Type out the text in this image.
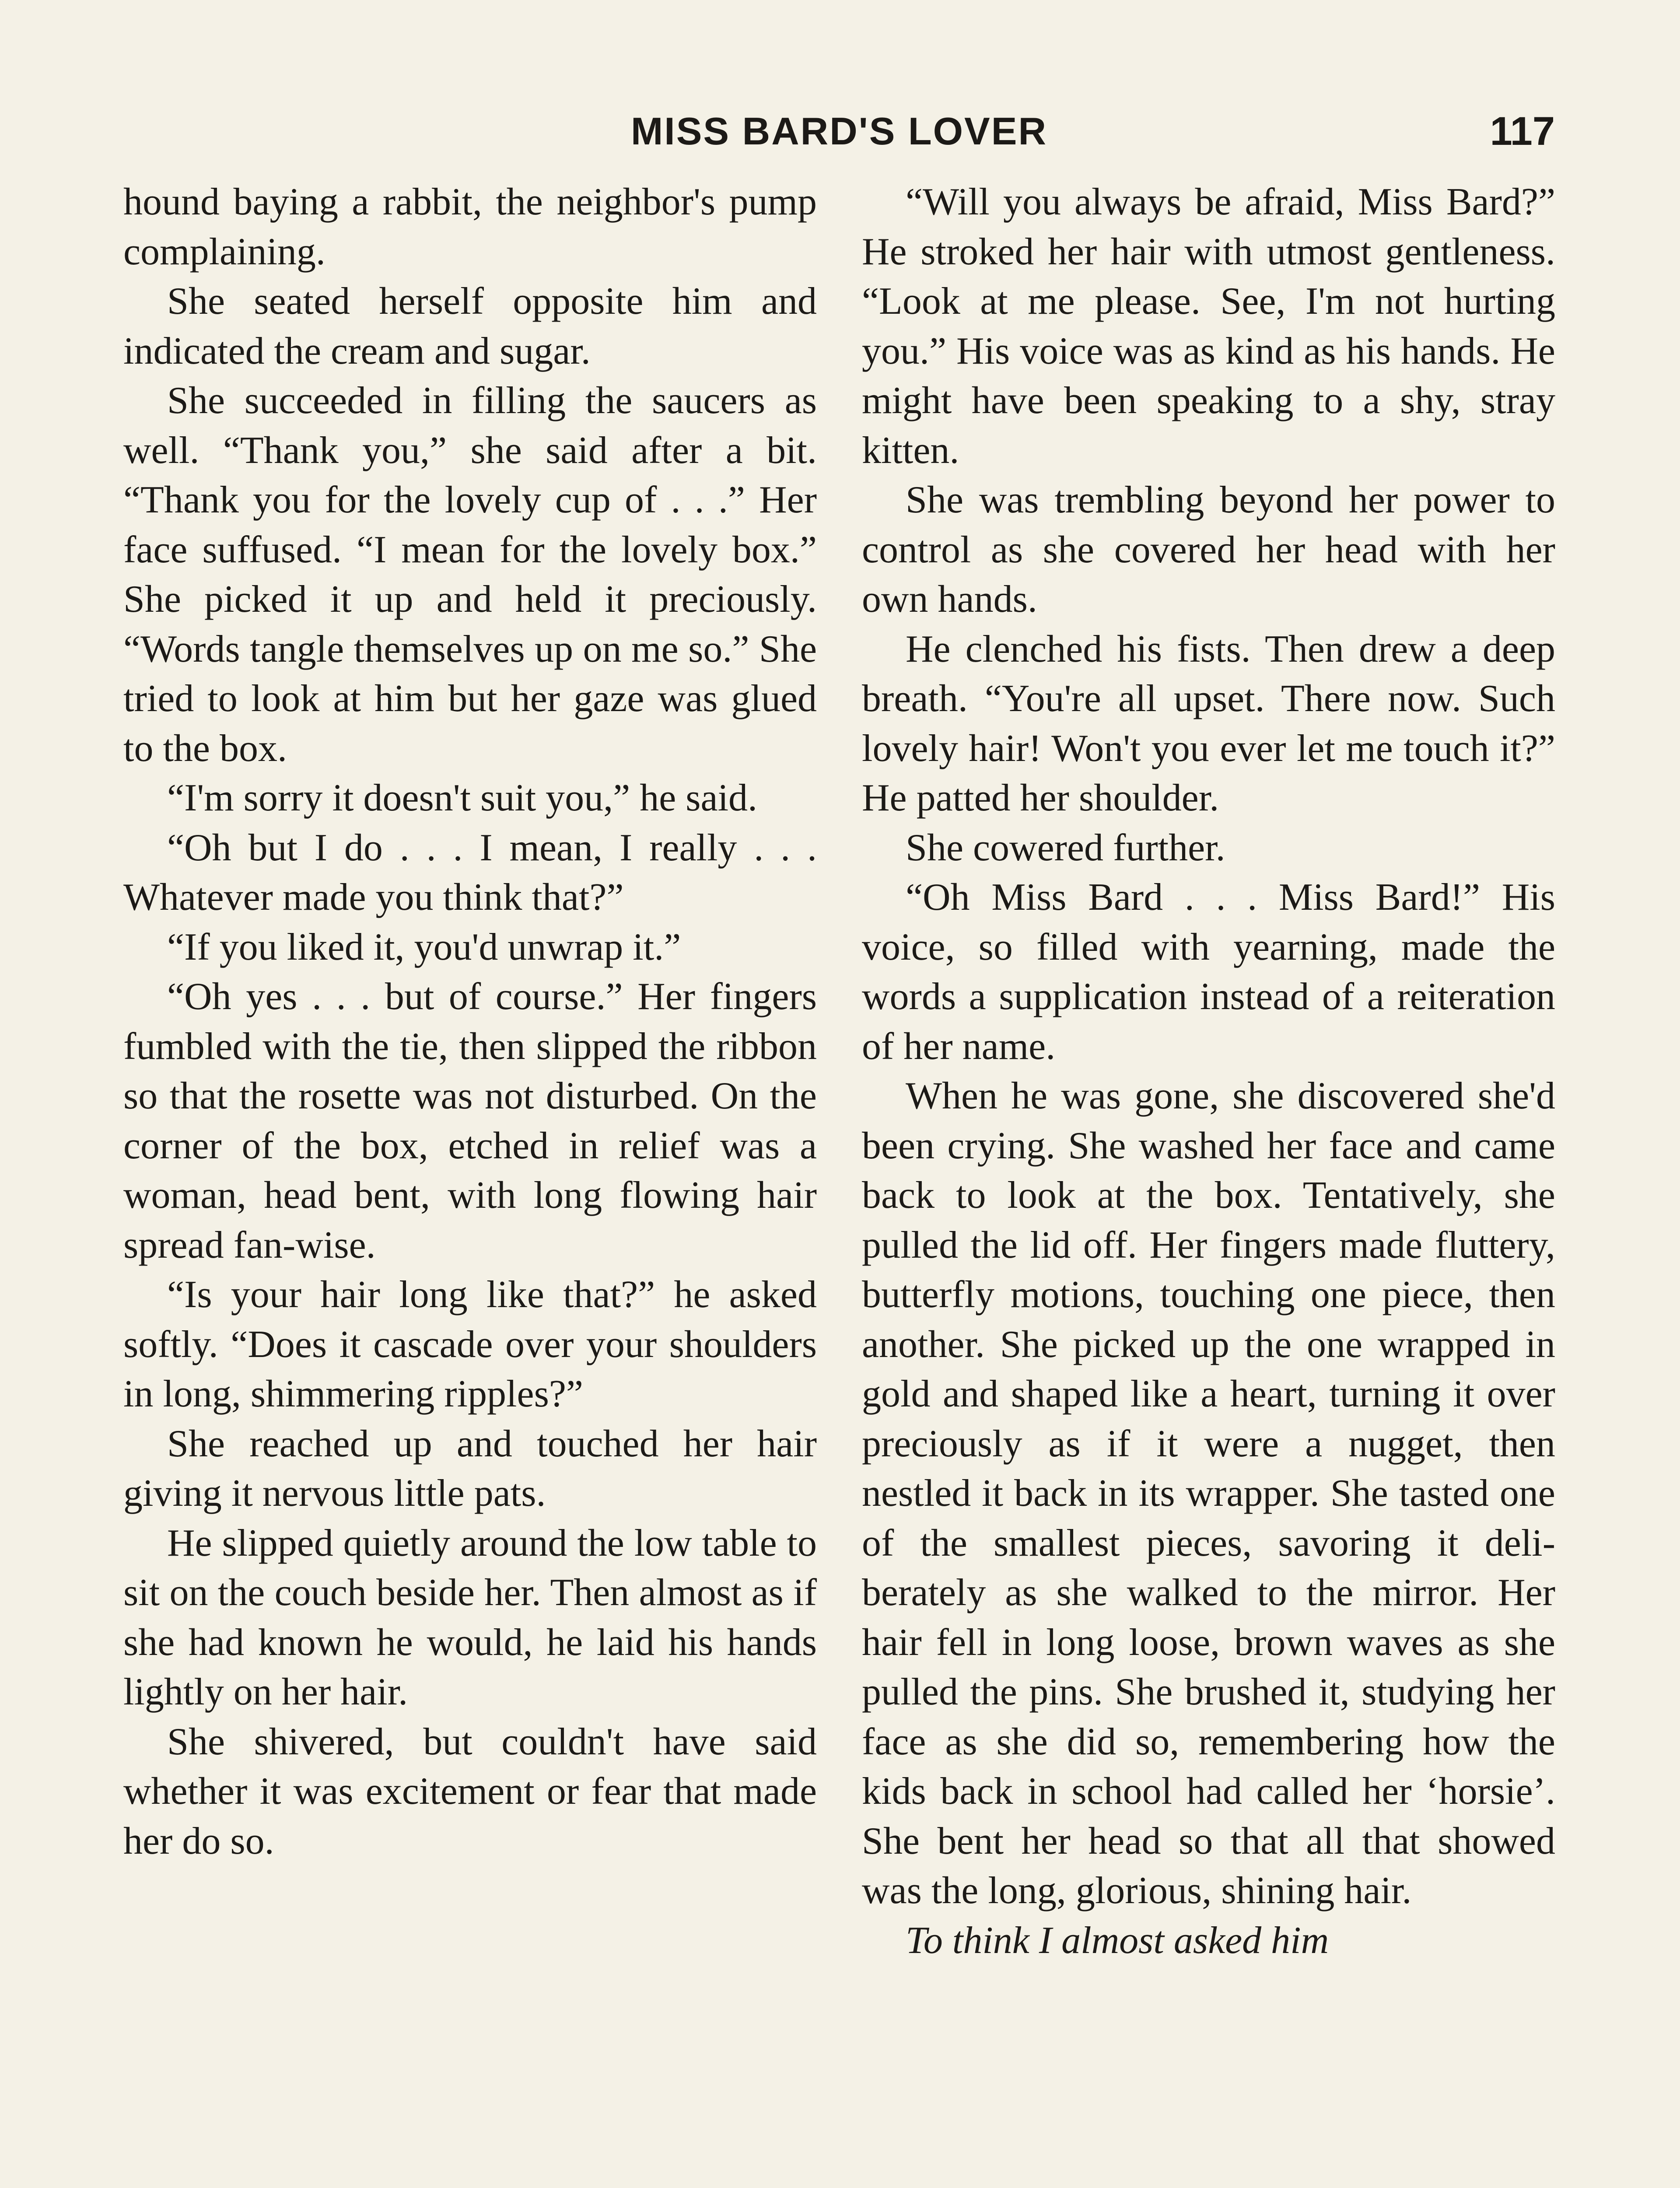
MISS BARD'S LOVER	117

hound baying a rabbit, the neighbor's pump complaining.

She seated herself opposite him and indicated the cream and sugar.

She succeeded in filling the saucers as well. “Thank you,” she said after a bit. “Thank you for the lovely cup of . . .” Her face suffused. “I mean for the lovely box.” She picked it up and held it preciously. “Words tangle themselves up on me so.” She tried to look at him but her gaze was glued to the box.

“I'm sorry it doesn't suit you,” he said.

“Oh but I do . . . I mean, I really . . . Whatever made you think that?”

“If you liked it, you'd unwrap it.”

“Oh yes . . . but of course.” Her fingers fumbled with the tie, then slipped the ribbon so that the rosette was not disturbed. On the corner of the box, etched in relief was a woman, head bent, with long flowing hair spread fan-wise.

“Is your hair long like that?” he asked softly. “Does it cascade over your shoulders in long, shimmering ripples?”

She reached up and touched her hair giving it nervous little pats.

He slipped quietly around the low table to sit on the couch beside her. Then almost as if she had known he would, he laid his hands lightly on her hair.

She shivered, but couldn't have said whether it was excitement or fear that made her do so.

“Will you always be afraid, Miss Bard?” He stroked her hair with utmost gentleness. “Look at me please. See, I'm not hurting you.” His voice was as kind as his hands. He might have been speaking to a shy, stray kitten.

She was trembling beyond her power to control as she covered her head with her own hands.

He clenched his fists. Then drew a deep breath. “You're all upset. There now. Such lovely hair! Won't you ever let me touch it?” He patted her shoulder.

She cowered further.

“Oh Miss Bard . . . Miss Bard!” His voice, so filled with yearning, made the words a supplication instead of a reiteration of her name.

When he was gone, she discovered she'd been crying. She washed her face and came back to look at the box. Tentatively, she pulled the lid off. Her fingers made fluttery, butterfly motions, touching one piece, then another. She picked up the one wrapped in gold and shaped like a heart, turning it over preciously as if it were a nugget, then nestled it back in its wrapper. She tasted one of the smallest pieces, savoring it deliberately as she walked to the mirror. Her hair fell in long loose, brown waves as she pulled the pins. She brushed it, studying her face as she did so, remembering how the kids back in school had called her ‘horsie’. She bent her head so that all that showed was the long, glorious, shining hair.

To think I almost asked him
